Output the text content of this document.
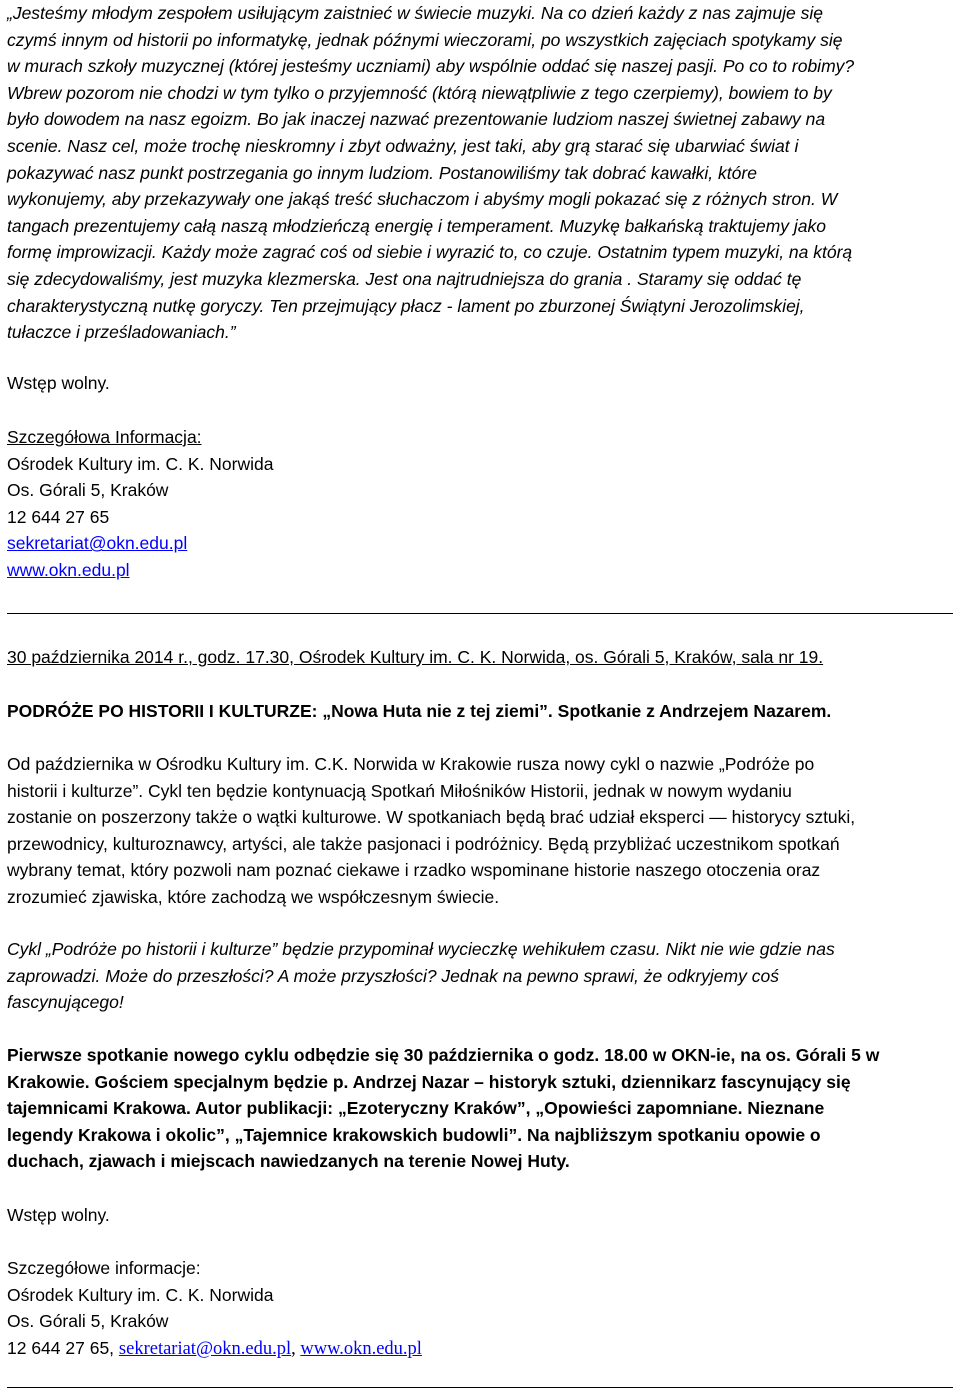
„Jesteśmy młodym zespołem usiłującym zaistnieć w świecie muzyki. Na co dzień każdy z nas zajmuje się

czymś innym od historii po informatykę, jednak późnymi wieczorami, po wszystkich zajęciach spotykamy się

w murach szkoły muzycznej (której jesteśmy uczniami) aby wspólnie oddać się naszej pasji. Po co to robimy?

Wbrew pozorom nie chodzi w tym tylko o przyjemność (którą niewątpliwie z tego czerpiemy), bowiem to by

było dowodem na nasz egoizm. Bo jak inaczej nazwać prezentowanie ludziom naszej świetnej zabawy na

scenie. Nasz cel, może trochę nieskromny i zbyt odważny, jest taki, aby grą starać się ubarwiać świat i

pokazywać nasz punkt postrzegania go innym ludziom. Postanowiliśmy tak dobrać kawałki, które

wykonujemy, aby przekazywały one jakąś treść słuchaczom i abyśmy mogli pokazać się z różnych stron. W

tangach prezentujemy całą naszą młodzieńczą energię i temperament. Muzykę bałkańską traktujemy jako

formę improwizacji. Każdy może zagrać coś od siebie i wyrazić to, co czuje. Ostatnim typem muzyki, na którą

się zdecydowaliśmy, jest muzyka klezmerska. Jest ona najtrudniejsza do grania . Staramy się oddać tę

charakterystyczną nutkę goryczy. Ten przejmujący płacz - lament po zburzonej Świątyni Jerozolimskiej,

tułaczce i prześladowaniach.”

Wstęp wolny.

Szczegółowa Informacja:

Ośrodek Kultury im. C. K. Norwida

Os. Górali 5, Kraków

12 644 27 65

sekretariat@okn.edu.pl

www.okn.edu.pl

30 października 2014 r., godz. 17.30, Ośrodek Kultury im. C. K. Norwida, os. Górali 5, Kraków, sala nr 19.

PODRÓŻE PO HISTORII I KULTURZE: „Nowa Huta nie z tej ziemi”. Spotkanie z Andrzejem Nazarem.

Od października w Ośrodku Kultury im. C.K. Norwida w Krakowie rusza nowy cykl o nazwie „Podróże po

historii i kulturze”. Cykl ten będzie kontynuacją Spotkań Miłośników Historii, jednak w nowym wydaniu

zostanie on poszerzony także o wątki kulturowe. W spotkaniach będą brać udział eksperci — historycy sztuki,

przewodnicy, kulturoznawcy, artyści, ale także pasjonaci i podróżnicy. Będą przybliżać uczestnikom spotkań

wybrany temat, który pozwoli nam poznać ciekawe i rzadko wspominane historie naszego otoczenia oraz

zrozumieć zjawiska, które zachodzą we współczesnym świecie.

Cykl „Podróże po historii i kulturze” będzie przypominał wycieczkę wehikułem czasu. Nikt nie wie gdzie nas

zaprowadzi. Może do przeszłości? A może przyszłości? Jednak na pewno sprawi, że odkryjemy coś

fascynującego!

Pierwsze spotkanie nowego cyklu odbędzie się 30 października o godz. 18.00 w OKN-ie, na os. Górali 5 w

Krakowie. Gościem specjalnym będzie p. Andrzej Nazar – historyk sztuki, dziennikarz fascynujący się

tajemnicami Krakowa. Autor publikacji: „Ezoteryczny Kraków”, „Opowieści zapomniane. Nieznane

legendy Krakowa i okolic”, „Tajemnice krakowskich budowli”. Na najbliższym spotkaniu opowie o

duchach, zjawach i miejscach nawiedzanych na terenie Nowej Huty.

Wstęp wolny.

Szczegółowe informacje:

Ośrodek Kultury im. C. K. Norwida

Os. Górali 5, Kraków

12 644 27 65, sekretariat@okn.edu.pl, www.okn.edu.pl
